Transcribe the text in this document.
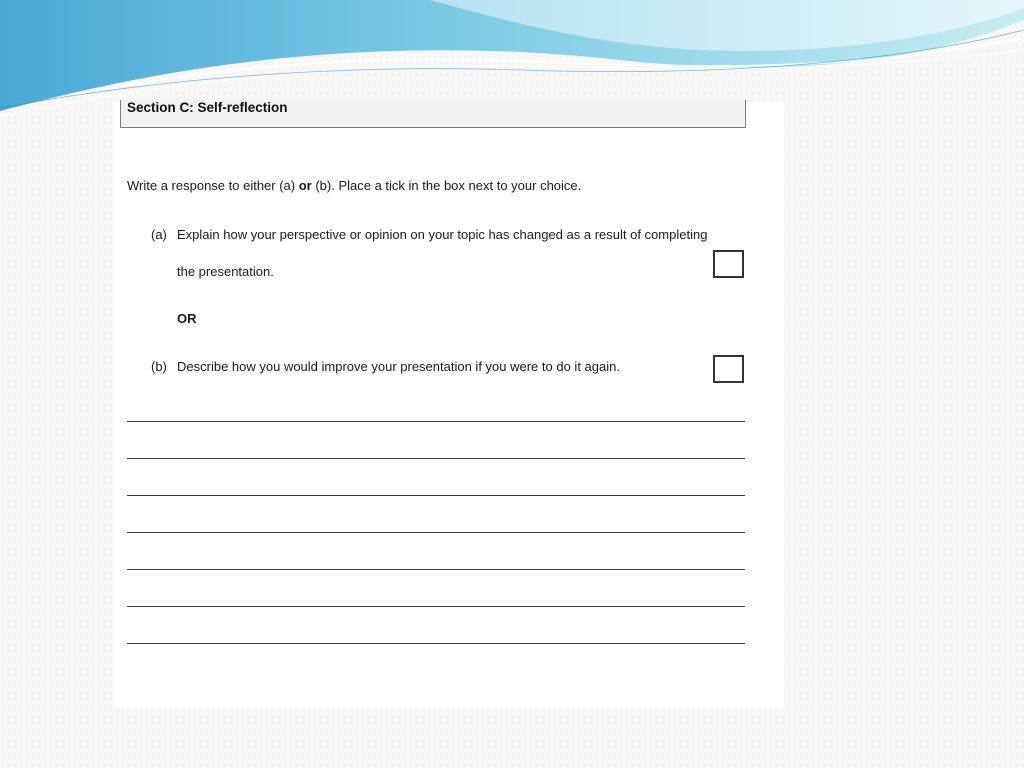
Section C: Self-reflection
Write a response to either (a) or (b). Place a tick in the box next to your choice.
(a) Explain how your perspective or opinion on your topic has changed as a result of completing
the presentation.
OR
(b) Describe how you would improve your presentation if you were to do it again.
